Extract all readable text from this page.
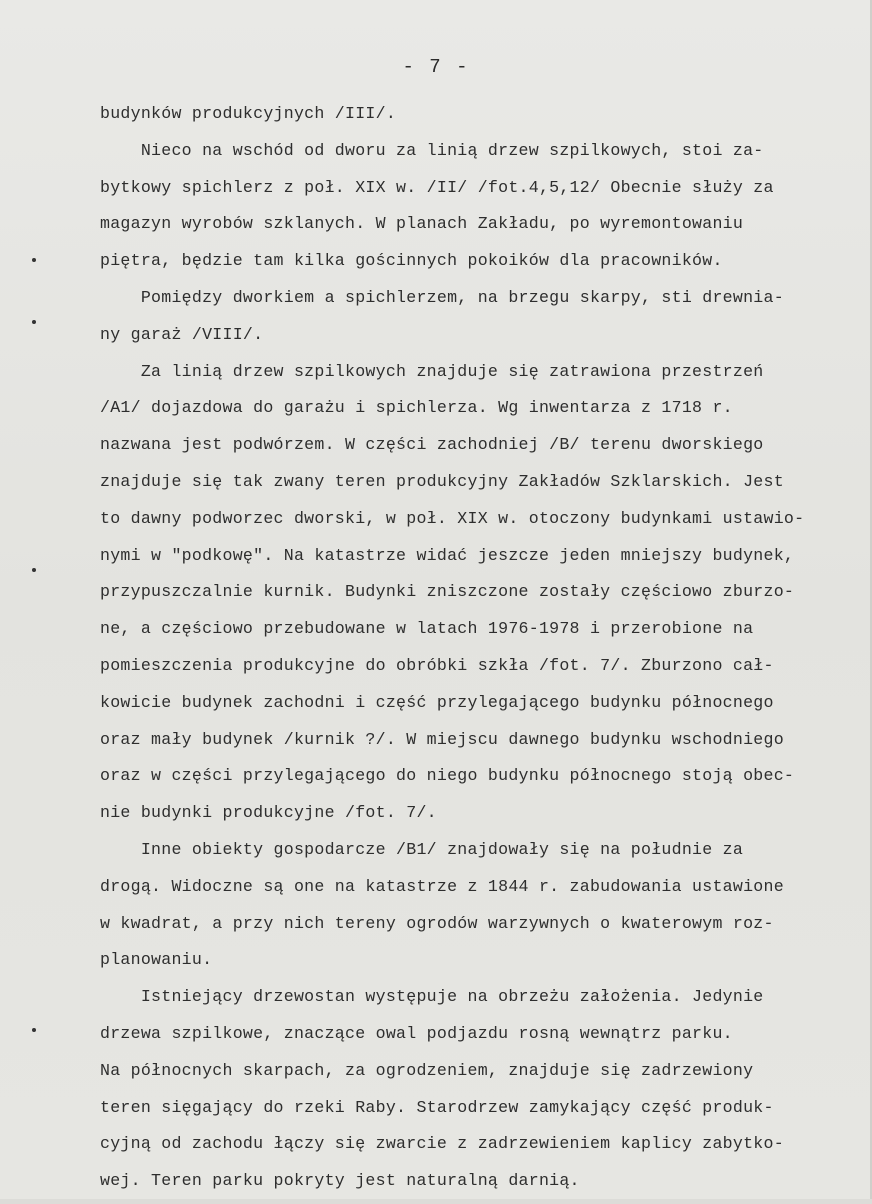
- 7 -
budynków produkcyjnych /III/.
Nieco na wschód od dworu za linią drzew szpilkowych, stoi za-
bytkowy spichlerz z poł. XIX w. /II/ /fot.4,5,12/ Obecnie służy za
magazyn wyrobów szklanych. W planach Zakładu, po wyremontowaniu
piętra, będzie tam kilka gościnnych pokoików dla pracowników.
Pomiędzy dworkiem a spichlerzem, na brzegu skarpy, sti drewnia-
ny garaż /VIII/.
Za linią drzew szpilkowych znajduje się zatrawiona przestrzeń
/A1/ dojazdowa do garażu i spichlerza. Wg inwentarza z 1718 r.
nazwana jest podwórzem. W części zachodniej /B/ terenu dworskiego
znajduje się tak zwany teren produkcyjny Zakładów Szklarskich. Jest
to dawny podworzec dworski, w poł. XIX w. otoczony budynkami ustawio-
nymi w "podkowę". Na katastrze widać jeszcze jeden mniejszy budynek,
przypuszczalnie kurnik. Budynki zniszczone zostały częściowo zburzo-
ne, a częściowo przebudowane w latach 1976-1978 i przerobione na
pomieszczenia produkcyjne do obróbki szkła /fot. 7/. Zburzono cał-
kowicie budynek zachodni i część przylegającego budynku północnego
oraz mały budynek /kurnik ?/. W miejscu dawnego budynku wschodniego
oraz w części przylegającego do niego budynku północnego stoją obec-
nie budynki produkcyjne /fot. 7/.
Inne obiekty gospodarcze /B1/ znajdowały się na południe za
drogą. Widoczne są one na katastrze z 1844 r. zabudowania ustawione
w kwadrat, a przy nich tereny ogrodów warzywnych o kwaterowym roz-
planowaniu.
Istniejący drzewostan występuje na obrzeżu założenia. Jedynie
drzewa szpilkowe, znaczące owal podjazdu rosną wewnątrz parku.
Na północnych skarpach, za ogrodzeniem, znajduje się zadrzewiony
teren sięgający do rzeki Raby. Starodrzew zamykający część produk-
cyjną od zachodu łączy się zwarcie z zadrzewieniem kaplicy zabytko-
wej. Teren parku pokryty jest naturalną darnią.
